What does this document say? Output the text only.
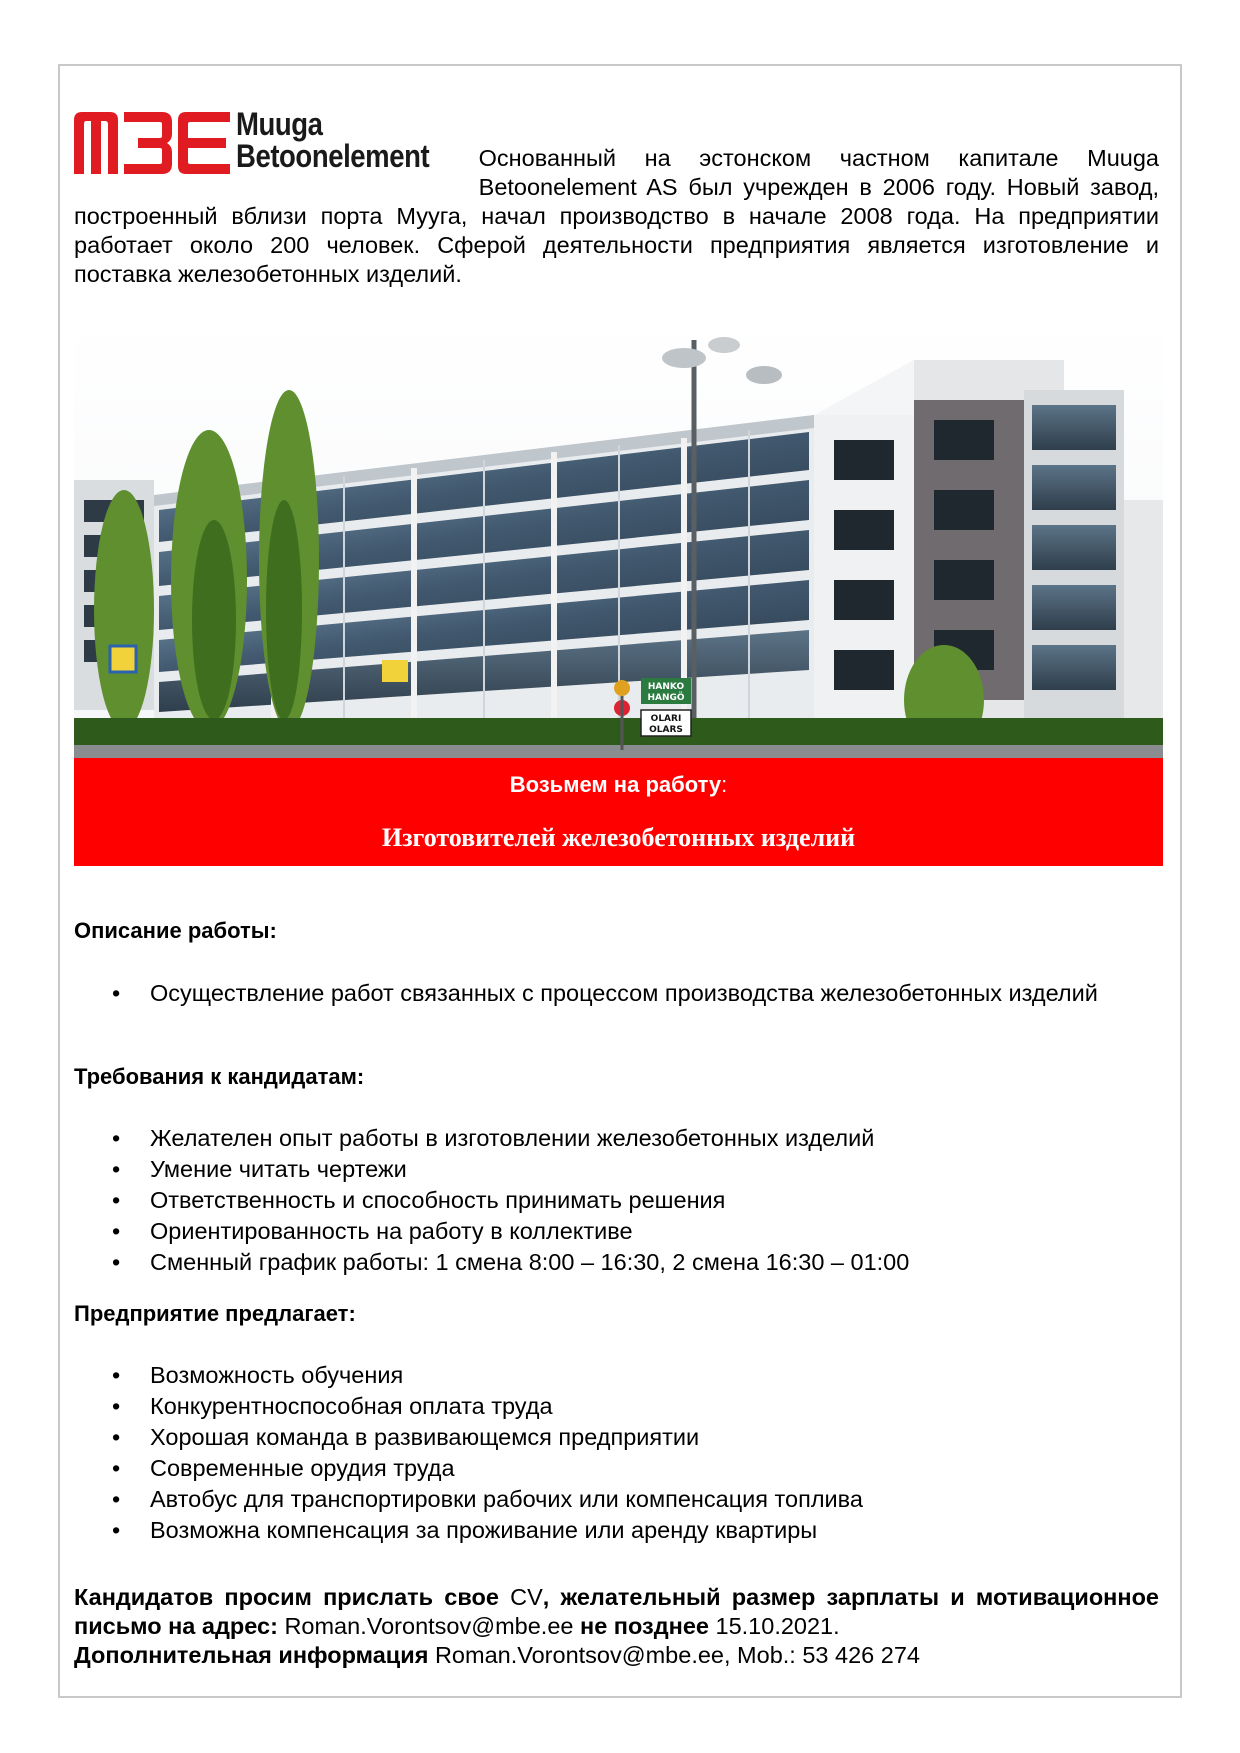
Muuga
Betoonelement	Основанный на эстонском частном капитале Muuga Betoonelement AS был учрежден в 2006 году. Новый завод, построенный вблизи порта Мууга, начал производство в начале 2008 года. На предприятии работает около 200 человек. Сферой деятельности предприятия является изготовление и поставка железобетонных изделий.
HANKO
HANGÖ
OLARI
OLARS
Возьмем на работу:
Изготовителей железобетонных изделий
Описание работы:
• Осуществление работ связанных с процессом производства железобетонных изделий
Требования к кандидатам:
• Желателен опыт работы в изготовлении железобетонных изделий
• Умение читать чертежи
• Ответственность и способность принимать решения
• Ориентированность на работу в коллективе
• Сменный график работы: 1 смена 8:00 – 16:30, 2 смена 16:30 – 01:00
Предприятие предлагает:
• Возможность обучения
• Конкурентноспособная оплата труда
• Хорошая команда в развивающемся предприятии
• Современные орудия труда
• Автобус для транспортировки рабочих или компенсация топлива
• Возможна компенсация за проживание или аренду квартиры

Кандидатов просим прислать свое CV, желательный размер зарплаты и мотивационное письмо на адрес: Roman.Vorontsov@mbe.ee не позднее 15.10.2021.

Дополнительная информация Roman.Vorontsov@mbe.ee, Mob.: 53 426 274
